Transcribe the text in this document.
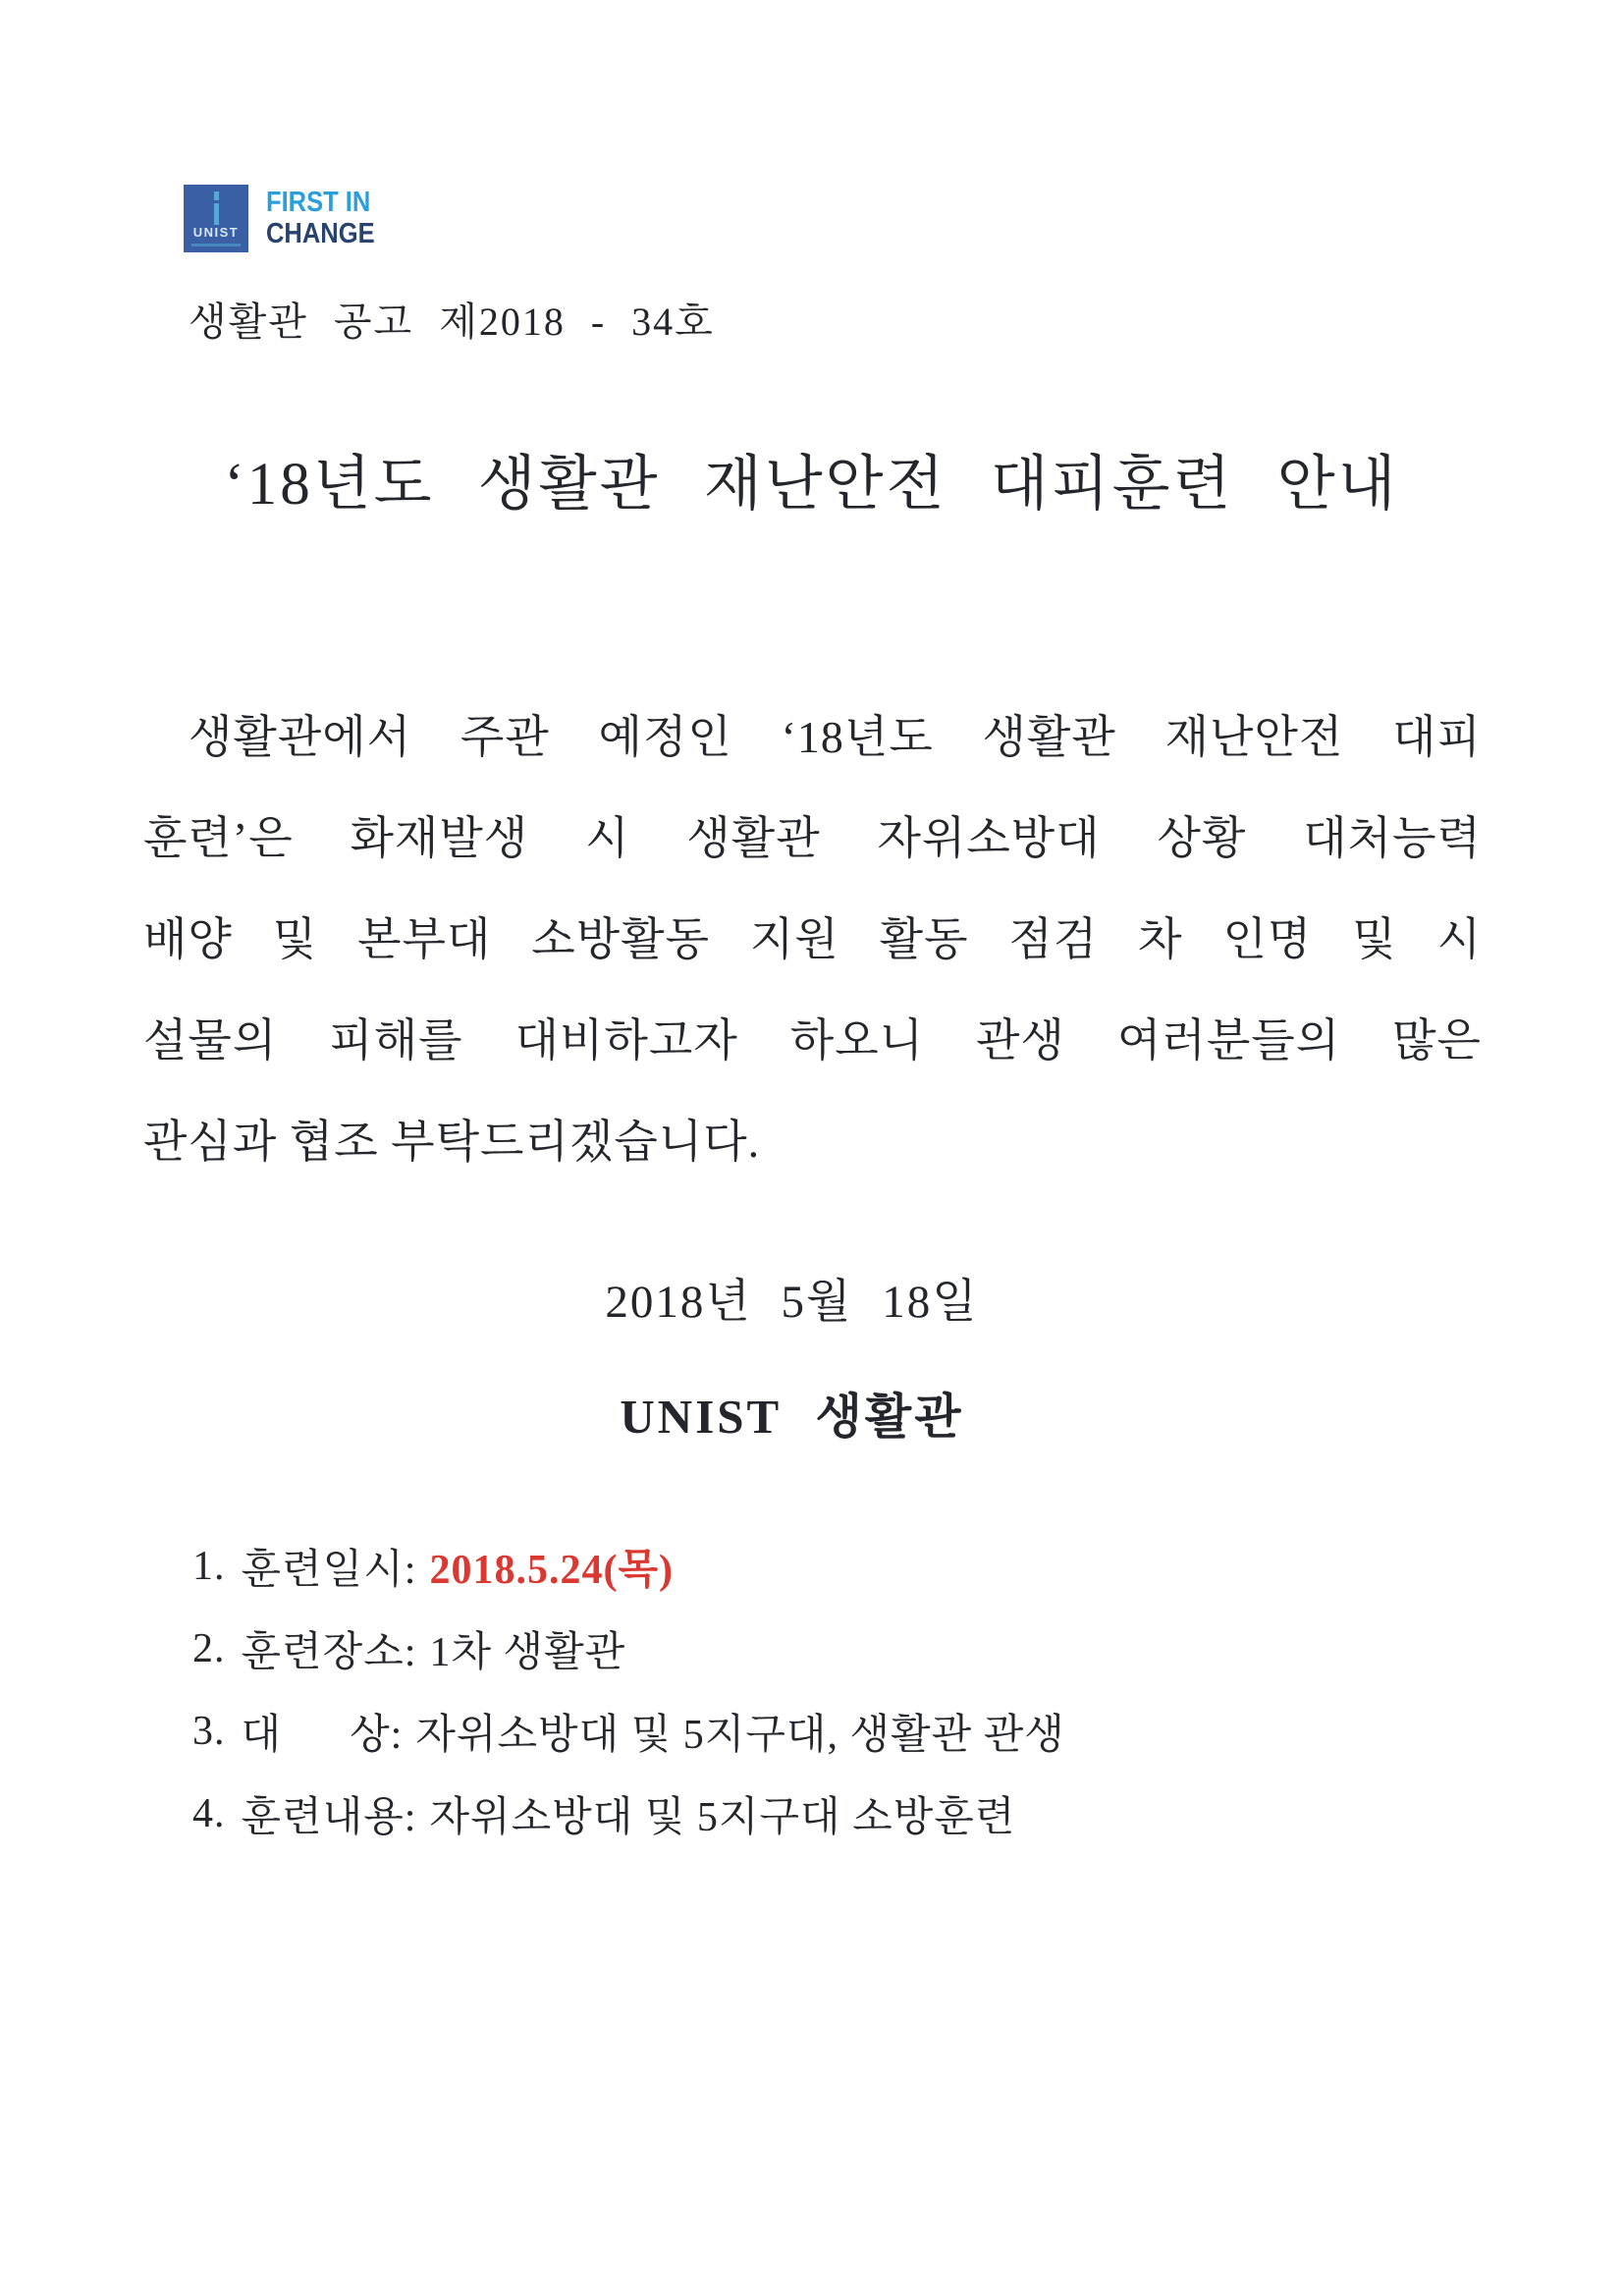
UNIST
FIRST IN
CHANGE
생활관 공고 제2018 - 34호
‘18년도 생활관 재난안전 대피훈련 안내
생활관에서 주관 예정인 ‘18년도 생활관 재난안전 대피
훈련’은 화재발생 시 생활관 자위소방대 상황 대처능력
배양 및 본부대 소방활동 지원 활동 점검 차 인명 및 시
설물의 피해를 대비하고자 하오니 관생 여러분들의 많은
관심과 협조 부탁드리겠습니다.
2018년 5월 18일
UNIST 생활관
1. 훈련일시: 2018.5.24(목)
2. 훈련장소: 1차 생활관
3. 대      상: 자위소방대 및 5지구대, 생활관 관생
4. 훈련내용: 자위소방대 및 5지구대 소방훈련
